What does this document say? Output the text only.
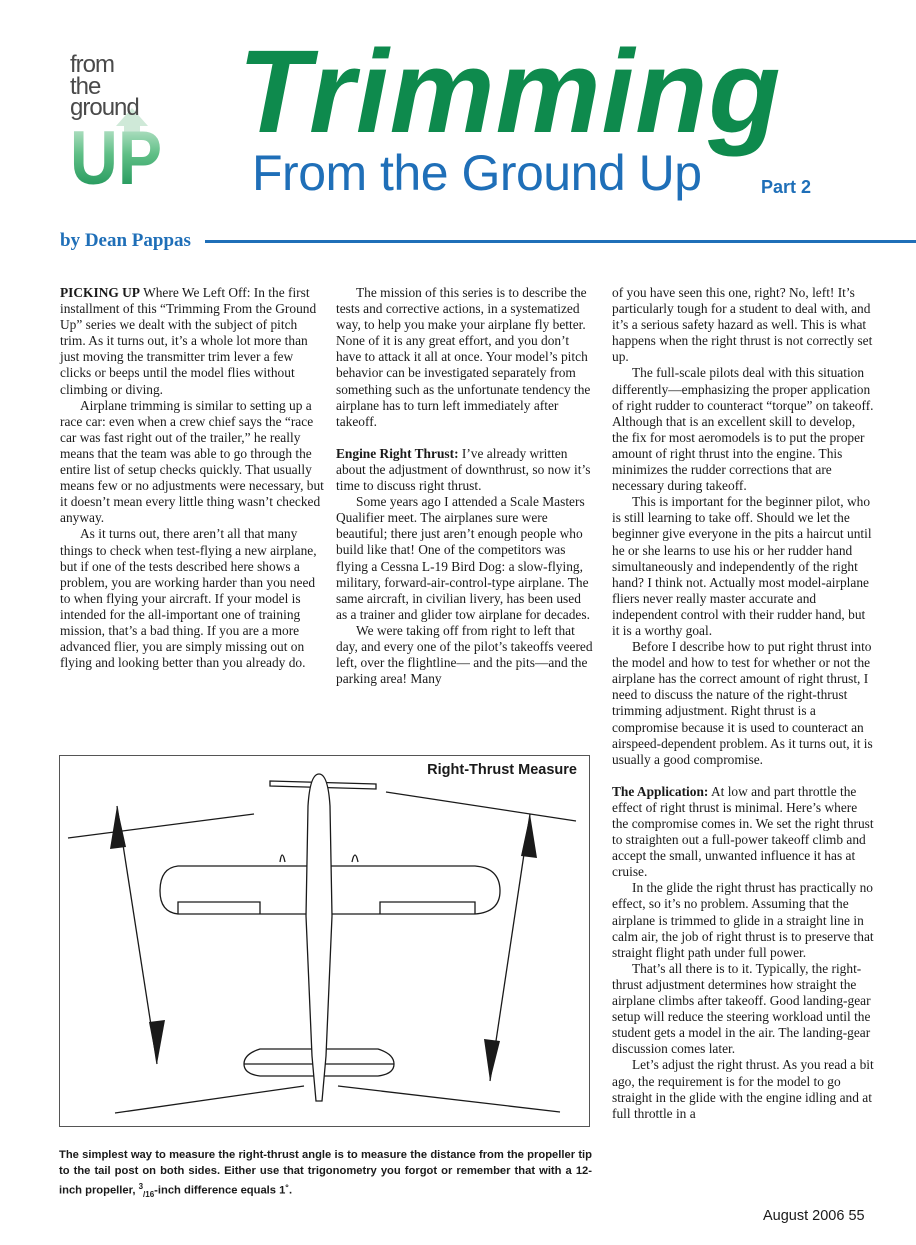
UP
from
the
ground Trimming
From the Ground Up	Part 2
by Dean Pappas

PICKING UP Where We Left Off: In the first installment of this “Trimming From the Ground Up” series we dealt with the subject of pitch trim. As it turns out, it’s a whole lot more than just moving the transmitter trim lever a few clicks or beeps until the model flies without climbing or diving.

Airplane trimming is similar to setting up a race car: even when a crew chief says the “race car was fast right out of the trailer,” he really means that the team was able to go through the entire list of setup checks quickly. That usually means few or no adjustments were necessary, but it doesn’t mean every little thing wasn’t checked anyway.

As it turns out, there aren’t all that many things to check when test-flying a new airplane, but if one of the tests described here shows a problem, you are working harder than you need to when flying your aircraft. If your model is intended for the all-important one of training mission, that’s a bad thing. If you are a more advanced flier, you are simply missing out on flying and looking better than you already do.

The mission of this series is to describe the tests and corrective actions, in a systematized way, to help you make your airplane fly better. None of it is any great effort, and you don’t have to attack it all at once. Your model’s pitch behavior can be investigated separately from something such as the unfortunate tendency the airplane has to turn left immediately after takeoff.

Engine Right Thrust: I’ve already written about the adjustment of downthrust, so now it’s time to discuss right thrust.

Some years ago I attended a Scale Masters Qualifier meet. The airplanes sure were beautiful; there just aren’t enough people who build like that! One of the competitors was flying a Cessna L-19 Bird Dog: a slow-flying, military, forward-air-control-type airplane. The same aircraft, in civilian livery, has been used as a trainer and glider tow airplane for decades.

We were taking off from right to left that day, and every one of the pilot’s takeoffs veered left, over the flightline— and the pits—and the parking area! Many

of you have seen this one, right? No, left! It’s particularly tough for a student to deal with, and it’s a serious safety hazard as well. This is what happens when the right thrust is not correctly set up.

The full-scale pilots deal with this situation differently—emphasizing the proper application of right rudder to counteract “torque” on takeoff. Although that is an excellent skill to develop, the fix for most aeromodels is to put the proper amount of right thrust into the engine. This minimizes the rudder corrections that are necessary during takeoff.

This is important for the beginner pilot, who is still learning to take off. Should we let the beginner give everyone in the pits a haircut until he or she learns to use his or her rudder hand simultaneously and independently of the right hand? I think not. Actually most model-airplane fliers never really master accurate and independent control with their rudder hand, but it is a worthy goal.

Before I describe how to put right thrust into the model and how to test for whether or not the airplane has the correct amount of right thrust, I need to discuss the nature of the right-thrust trimming adjustment. Right thrust is a compromise because it is used to counteract an airspeed-dependent problem. As it turns out, it is usually a good compromise.

The Application: At low and part throttle the effect of right thrust is minimal. Here’s where the compromise comes in. We set the right thrust to straighten out a full-power takeoff climb and accept the small, unwanted influence it has at cruise.

In the glide the right thrust has practically no effect, so it’s no problem. Assuming that the airplane is trimmed to glide in a straight line in calm air, the job of right thrust is to preserve that straight flight path under full power.

That’s all there is to it. Typically, the right-thrust adjustment determines how straight the airplane climbs after takeoff. Good landing-gear setup will reduce the steering workload until the student gets a model in the air. The landing-gear discussion comes later.

Let’s adjust the right thrust. As you read a bit ago, the requirement is for the model to go straight in the glide with the engine idling and at full throttle in a

Right-Thrust Measure
The simplest way to measure the right-thrust angle is to measure the distance from the propeller tip to the tail post on both sides. Either use that trigonometry you forgot or remember that with a 12-inch propeller, $^3_{/16}$-inch difference equals 1˚.
August 2006 55
